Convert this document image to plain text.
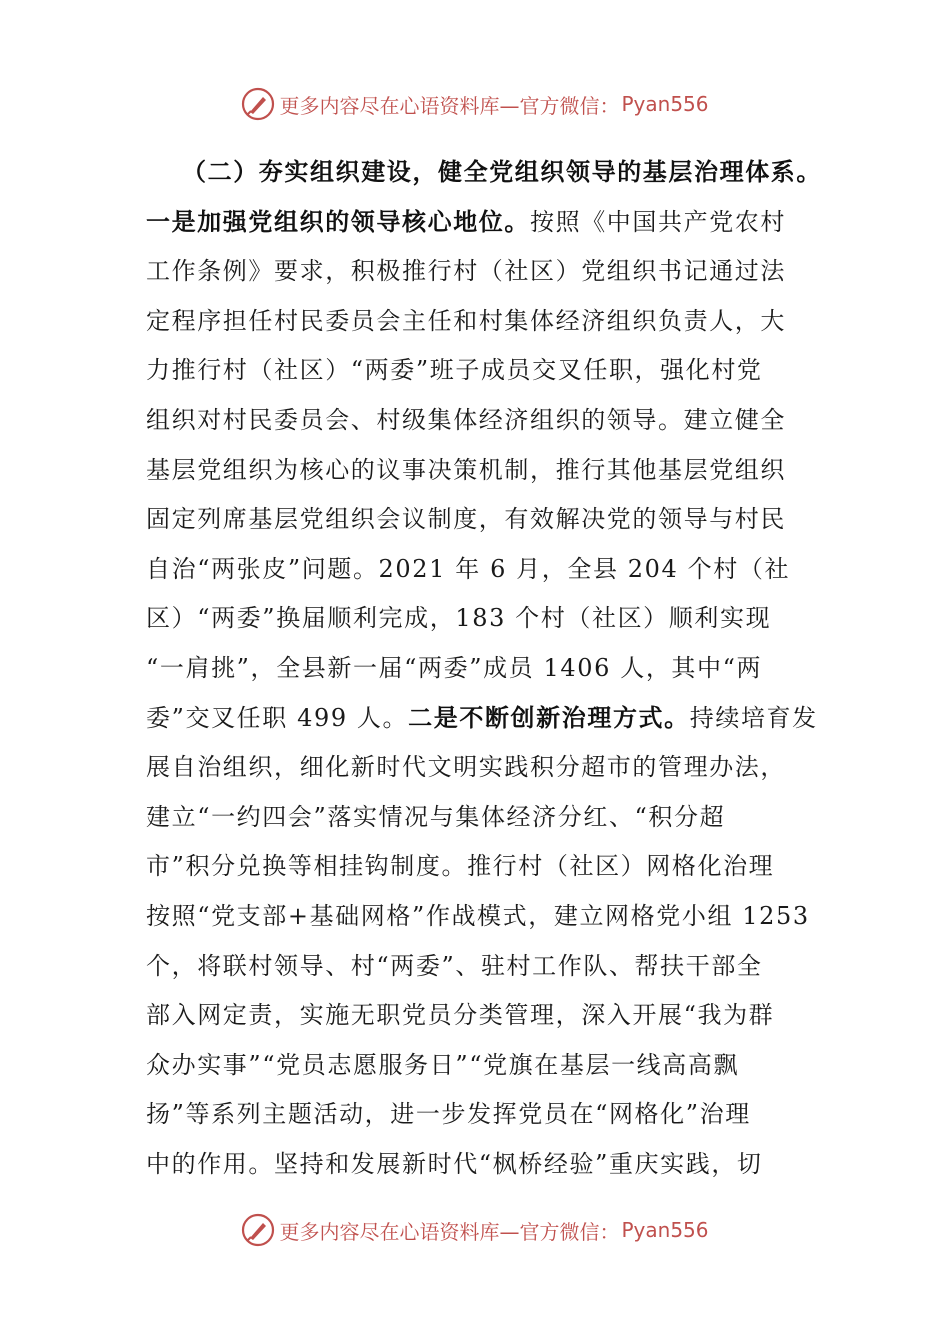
更多内容尽在心语资料库—官方微信： Pyan556
（二）夯实组织建设，健全党组织领导的基层治理体系。
一是加强党组织的领导核心地位。按照《中国共产党农村
工作条例》要求，积极推行村（社区）党组织书记通过法
定程序担任村民委员会主任和村集体经济组织负责人，大
力推行村（社区）“两委”班子成员交叉任职，强化村党
组织对村民委员会、村级集体经济组织的领导。建立健全
基层党组织为核心的议事决策机制，推行其他基层党组织
固定列席基层党组织会议制度，有效解决党的领导与村民
自治“两张皮”问题。2021 年 6 月，全县 204 个村（社
区）“两委”换届顺利完成，183 个村（社区）顺利实现
“一肩挑”，全县新一届“两委”成员 1406 人，其中“两
委”交叉任职 499 人。二是不断创新治理方式。持续培育发
展自治组织，细化新时代文明实践积分超市的管理办法，
建立“一约四会”落实情况与集体经济分红、“积分超
市”积分兑换等相挂钩制度。推行村（社区）网格化治理
按照“党支部+基础网格”作战模式，建立网格党小组 1253
个，将联村领导、村“两委”、驻村工作队、帮扶干部全
部入网定责，实施无职党员分类管理，深入开展“我为群
众办实事”“党员志愿服务日”“党旗在基层一线高高飘
扬”等系列主题活动，进一步发挥党员在“网格化”治理
中的作用。坚持和发展新时代“枫桥经验”重庆实践，切
更多内容尽在心语资料库—官方微信： Pyan556
